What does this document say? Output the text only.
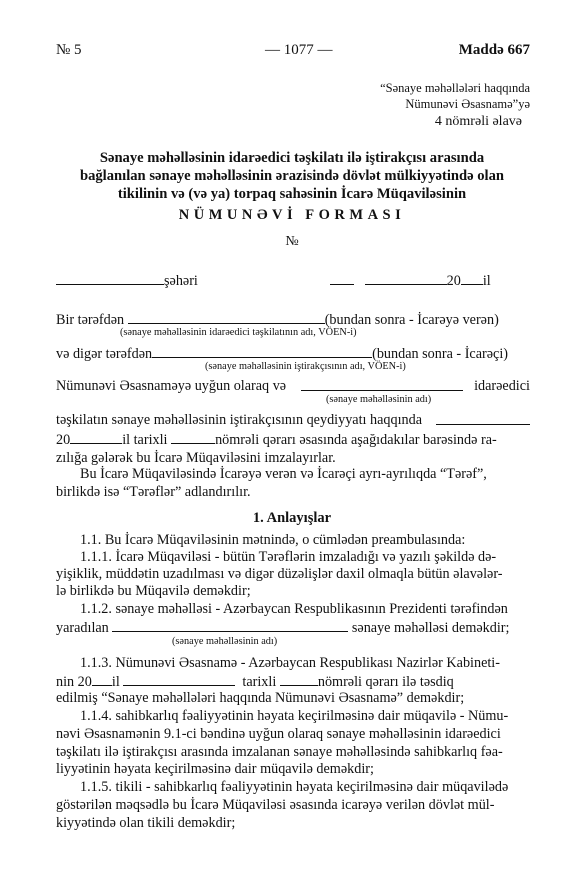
№ 5	— 1077 —	Maddə 667
“Sənaye məhəllələri haqqında
Nümunəvi Əsasnamə”yə
4 nömrəli əlavə
Sənaye məhəlləsinin idarəedici təşkilatı ilə iştirakçısı arasında
bağlanılan sənaye məhəlləsinin ərazisində dövlət mülkiyyətində olan
tikilinin və (və ya) torpaq sahəsinin İcarə Müqaviləsinin
NÜMUNƏVİ FORMASI
№
şəhəri	20 il
Bir tərəfdən	(bundan sonra - İcarəyə verən)
(sənaye məhəlləsinin idarəedici təşkilatının adı, VÖEN-i)
və digər tərəfdən	(bundan sonra - İcarəçi)
(sənaye məhəlləsinin iştirakçısının adı, VÖEN-i)
Nümunəvi Əsasnaməyə uyğun olaraq və	idarəedici
(sənaye məhəlləsinin adı)
təşkilatın sənaye məhəlləsinin iştirakçısının qeydiyyatı haqqında
20	il tarixli	nömrəli qərarı əsasında aşağıdakılar barəsində ra-
zılığa gələrək bu İcarə Müqaviləsini imzalayırlar.
Bu İcarə Müqaviləsində İcarəyə verən və İcarəçi ayrı-ayrılıqda “Tərəf”,
birlikdə isə “Tərəflər” adlandırılır.
1. Anlayışlar
1.1. Bu İcarə Müqaviləsinin mətnində, o cümlədən preambulasında:
1.1.1. İcarə Müqaviləsi - bütün Tərəflərin imzaladığı və yazılı şəkildə də-
yişiklik, müddətin uzadılması və digər düzəlişlər daxil olmaqla bütün əlavələr-
lə birlikdə bu Müqavilə deməkdir;
1.1.2. sənaye məhəlləsi - Azərbaycan Respublikasının Prezidenti tərəfindən
yaradılan	sənaye məhəlləsi deməkdir;
(sənaye məhəlləsinin adı)
1.1.3. Nümunəvi Əsasnamə - Azərbaycan Respublikası Nazirlər Kabineti-
nin 20 il	tarixli	nömrəli qərarı ilə təsdiq
edilmiş “Sənaye məhəllələri haqqında Nümunəvi Əsasnamə” deməkdir;
1.1.4. sahibkarlıq fəaliyyətinin həyata keçirilməsinə dair müqavilə - Nümu-
nəvi Əsasnamənin 9.1-ci bəndinə uyğun olaraq sənaye məhəlləsinin idarəedici
təşkilatı ilə iştirakçısı arasında imzalanan sənaye məhəlləsində sahibkarlıq fəa-
liyyətinin həyata keçirilməsinə dair müqavilə deməkdir;
1.1.5. tikili - sahibkarlıq fəaliyyətinin həyata keçirilməsinə dair müqavilədə
göstərilən məqsədlə bu İcarə Müqaviləsi əsasında icarəyə verilən dövlət mül-
kiyyətində olan tikili deməkdir;
